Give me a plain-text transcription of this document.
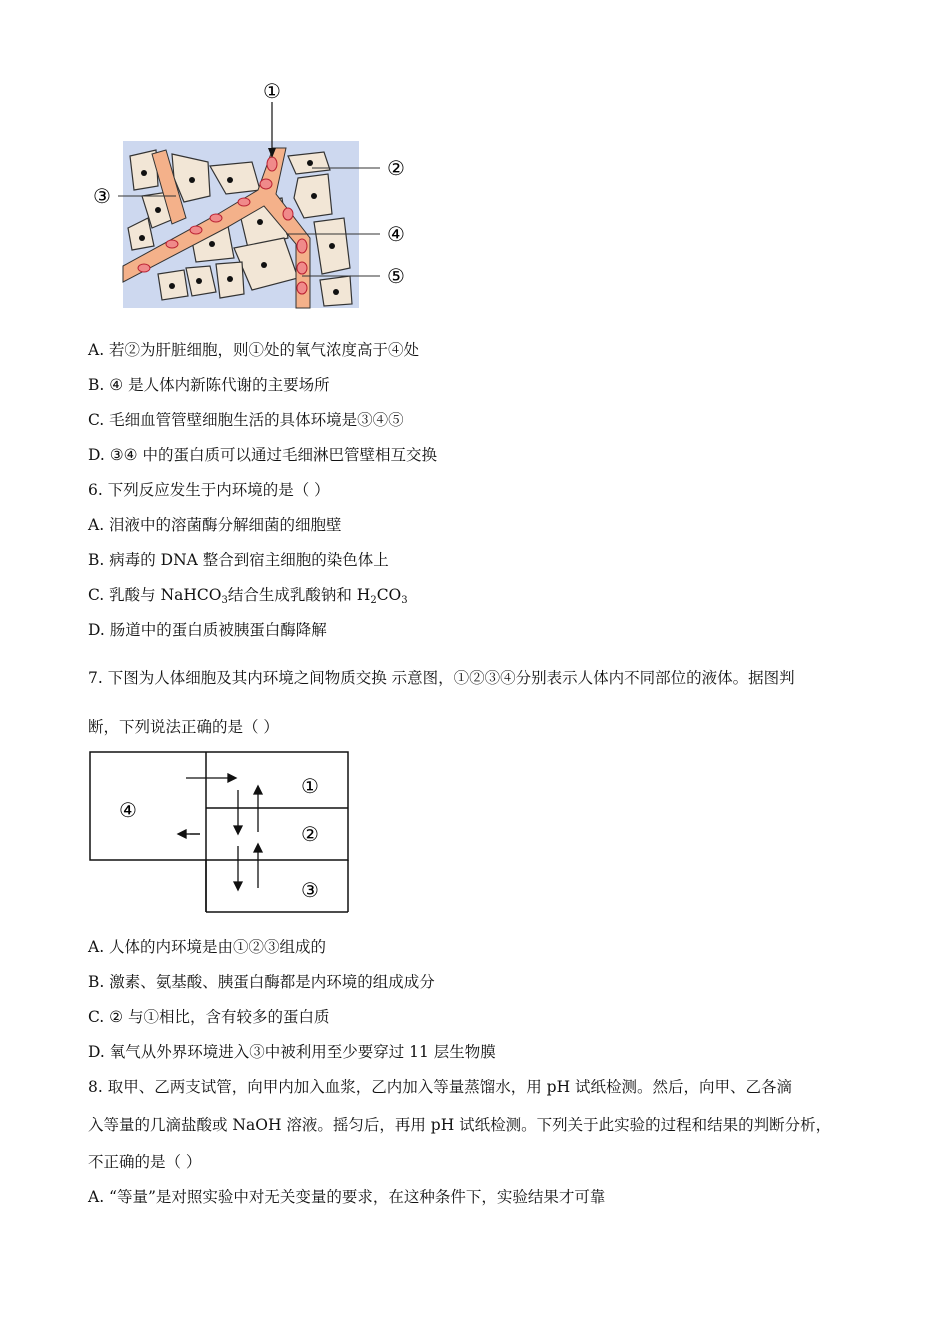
①
②
③
④
⑤
A. 若②为肝脏细胞，则①处的氧气浓度高于④处
B. ④ 是人体内新陈代谢的主要场所
C. 毛细血管管壁细胞生活的具体环境是③④⑤
D. ③④ 中的蛋白质可以通过毛细淋巴管壁相互交换
6. 下列反应发生于内环境的是（ ）
A. 泪液中的溶菌酶分解细菌的细胞壁
B. 病毒的 DNA 整合到宿主细胞的染色体上
C. 乳酸与 NaHCO3结合生成乳酸钠和 H2CO3
D. 肠道中的蛋白质被胰蛋白酶降解
7. 下图为人体细胞及其内环境之间物质交换 示意图，①②③④分别表示人体内不同部位的液体。据图判
断，下列说法正确的是（ ）
①
②
③
④
A. 人体的内环境是由①②③组成的
B. 激素、氨基酸、胰蛋白酶都是内环境的组成成分
C. ② 与①相比，含有较多的蛋白质
D. 氧气从外界环境进入③中被利用至少要穿过 11 层生物膜
8. 取甲、乙两支试管，向甲内加入血浆，乙内加入等量蒸馏水，用 pH 试纸检测。然后，向甲、乙各滴
入等量的几滴盐酸或 NaOH 溶液。摇匀后，再用 pH 试纸检测。下列关于此实验的过程和结果的判断分析，
不正确的是（ ）
A. “等量”是对照实验中对无关变量的要求，在这种条件下，实验结果才可靠
